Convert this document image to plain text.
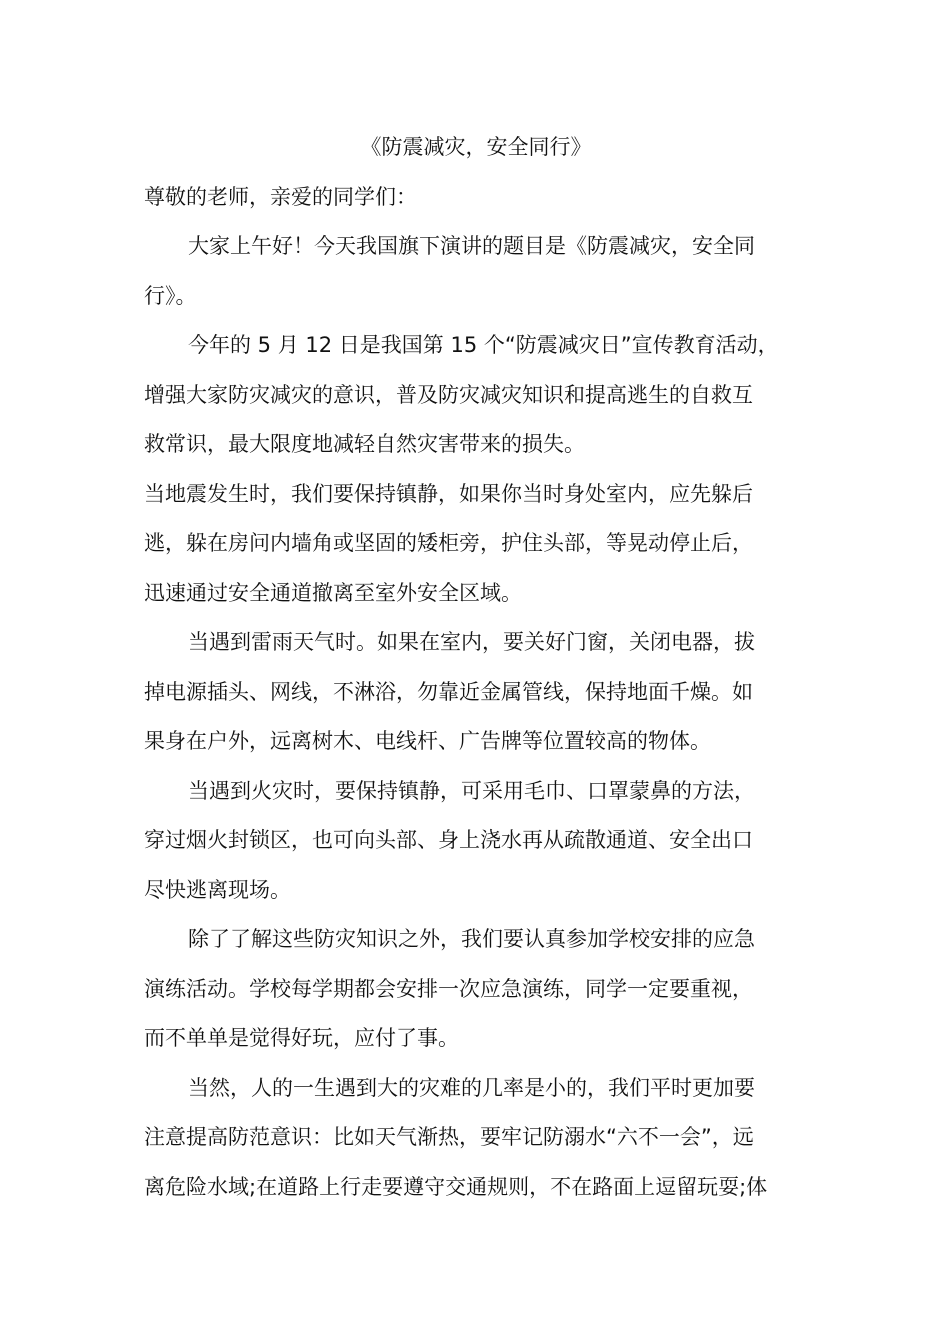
《防震减灾，安全同行》

尊敬的老师，亲爱的同学们：

大家上午好！今天我国旗下演讲的题目是《防震减灾，安全同
行》。

今年的 5 月 12 日是我国第 15 个“防震减灾日”宣传教育活动，
增强大家防灾减灾的意识，普及防灾减灾知识和提高逃生的自救互
救常识，最大限度地减轻自然灾害带来的损失。

当地震发生时，我们要保持镇静，如果你当时身处室内，应先躲后
逃，躲在房问内墙角或坚固的矮柜旁，护住头部，等晃动停止后，
迅速通过安全通道撤离至室外安全区域。

当遇到雷雨天气时。如果在室内，要关好门窗，关闭电器，拔
掉电源插头、网线，不淋浴，勿靠近金属管线，保持地面千燥。如
果身在户外，远离树木、电线杆、广告牌等位置较高的物体。

当遇到火灾时，要保持镇静，可采用毛巾、口罩蒙鼻的方法，
穿过烟火封锁区，也可向头部、身上浇水再从疏散通道、安全出口
尽快逃离现场。

除了了解这些防灾知识之外，我们要认真参加学校安排的应急
演练活动。学校每学期都会安排一次应急演练，同学一定要重视，
而不单单是觉得好玩，应付了事。

当然，人的一生遇到大的灾难的几率是小的，我们平时更加要
注意提高防范意识：比如天气渐热，要牢记防溺水“六不一会”，远
离危险水域;在道路上行走要遵守交通规则，不在路面上逗留玩耍;体
